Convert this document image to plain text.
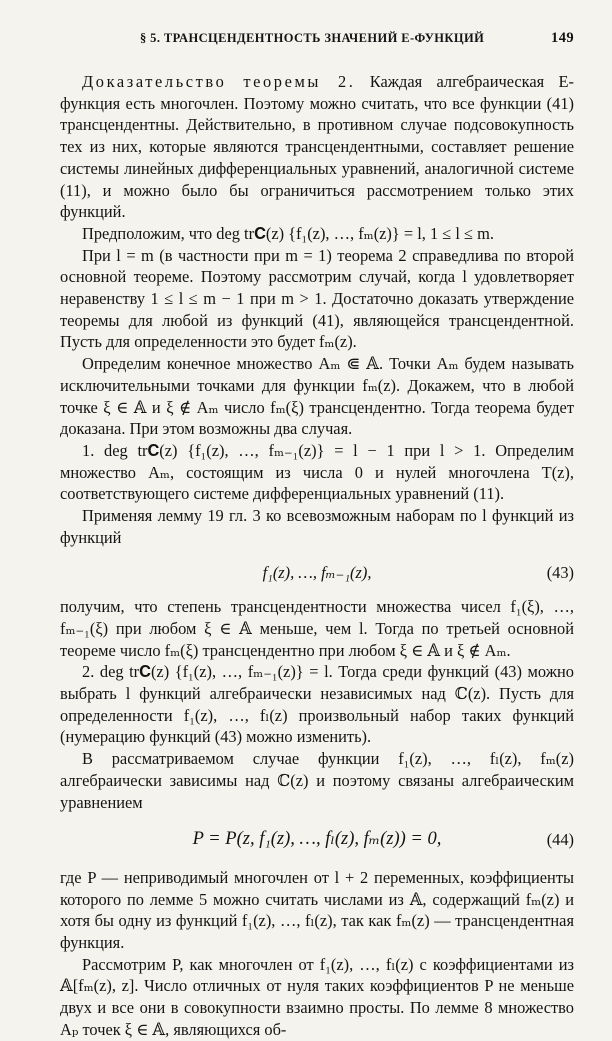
§ 5. ТРАНСЦЕНДЕНТНОСТЬ ЗНАЧЕНИЙ Е-ФУНКЦИЙ	149

Доказательство теоремы 2. Каждая алгебраическая Е-функция есть многочлен. Поэтому можно считать, что все функции (41) трансцендентны. Действительно, в противном случае подсовокупность тех из них, которые являются трансцендентными, составляет решение системы линейных дифференциальных уравнений, аналогичной системе (11), и можно было бы ограничиться рассмотрением только этих функций.

Предположим, что deg tr𝐂(z) {f₁(z), …, fₘ(z)} = l, 1 ≤ l ≤ m.

При l = m (в частности при m = 1) теорема 2 справедлива по второй основной теореме. Поэтому рассмотрим случай, когда l удовлетворяет неравенству 1 ≤ l ≤ m − 1 при m > 1. Достаточно доказать утверждение теоремы для любой из функций (41), являющейся трансцендентной. Пусть для определенности это будет fₘ(z).

Определим конечное множество Aₘ ⋐ 𝔸. Точки Aₘ будем называть исключительными точками для функции fₘ(z). Докажем, что в любой точке ξ ∈ 𝔸 и ξ ∉ Aₘ число fₘ(ξ) трансцендентно. Тогда теорема будет доказана. При этом возможны два случая.

1. deg tr𝐂(z) {f₁(z), …, fₘ₋₁(z)} = l − 1 при l > 1. Определим множество Aₘ, состоящим из числа 0 и нулей многочлена T(z), соответствующего системе дифференциальных уравнений (11).

Применяя лемму 19 гл. 3 ко всевозможным наборам по l функций из функций

f₁(z), …, fₘ₋₁(z),	(43)

получим, что степень трансцендентности множества чисел f₁(ξ), …, fₘ₋₁(ξ) при любом ξ ∈ 𝔸 меньше, чем l. Тогда по третьей основной теореме число fₘ(ξ) трансцендентно при любом ξ ∈ 𝔸 и ξ ∉ Aₘ.

2. deg tr𝐂(z) {f₁(z), …, fₘ₋₁(z)} = l. Тогда среди функций (43) можно выбрать l функций алгебраически независимых над ℂ(z). Пусть для определенности f₁(z), …, fₗ(z) произвольный набор таких функций (нумерацию функций (43) можно изменить).

В рассматриваемом случае функции f₁(z), …, fₗ(z), fₘ(z) алгебраически зависимы над ℂ(z) и поэтому связаны алгебраическим уравнением

P = P(z, f₁(z), …, fₗ(z), fₘ(z)) = 0,	(44)

где P — неприводимый многочлен от l + 2 переменных, коэффициенты которого по лемме 5 можно считать числами из 𝔸, содержащий fₘ(z) и хотя бы одну из функций f₁(z), …, fₗ(z), так как fₘ(z) — трансцендентная функция.

Рассмотрим P, как многочлен от f₁(z), …, fₗ(z) с коэффициентами из 𝔸[fₘ(z), z]. Число отличных от нуля таких коэффициентов P не меньше двух и все они в совокупности взаимно просты. По лемме 8 множество Aₚ точек ξ ∈ 𝔸, являющихся об-
